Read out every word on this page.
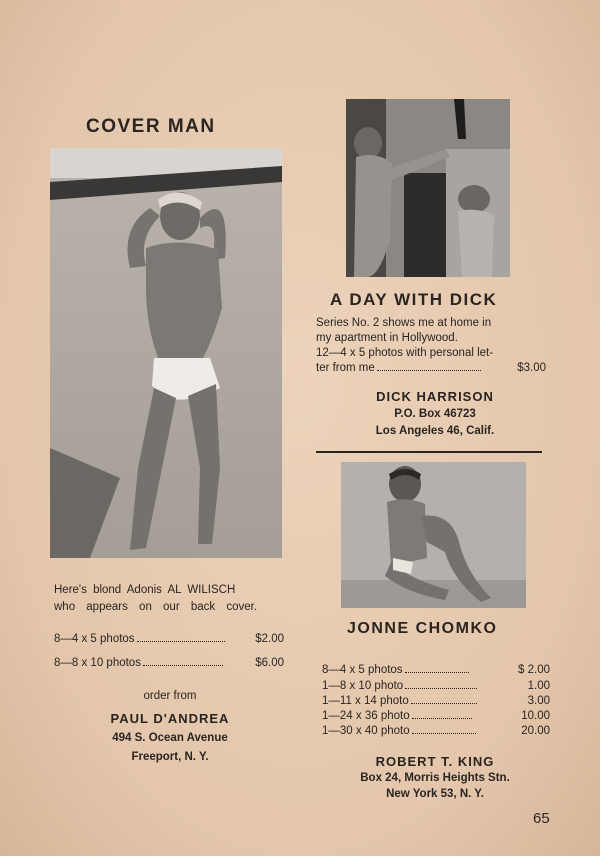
COVER MAN
Here's blond Adonis AL WILISCH
who appears on our back cover.
8—4 x 5 photos	$2.00
8—8 x 10 photos	$6.00
order from
PAUL D'ANDREA
494 S. Ocean Avenue
Freeport, N. Y.
A DAY WITH DICK
Series No. 2 shows me at home in
my apartment in Hollywood.
12—4 x 5 photos with personal let-
ter from me	$3.00
DICK HARRISON
P.O. Box 46723
Los Angeles 46, Calif.
JONNE CHOMKO
8—4 x 5 photos	$ 2.00
1—8 x 10 photo	1.00
1—11 x 14 photo	3.00
1—24 x 36 photo	10.00
1—30 x 40 photo	20.00
ROBERT T. KING
Box 24, Morris Heights Stn.
New York 53, N. Y.
65
